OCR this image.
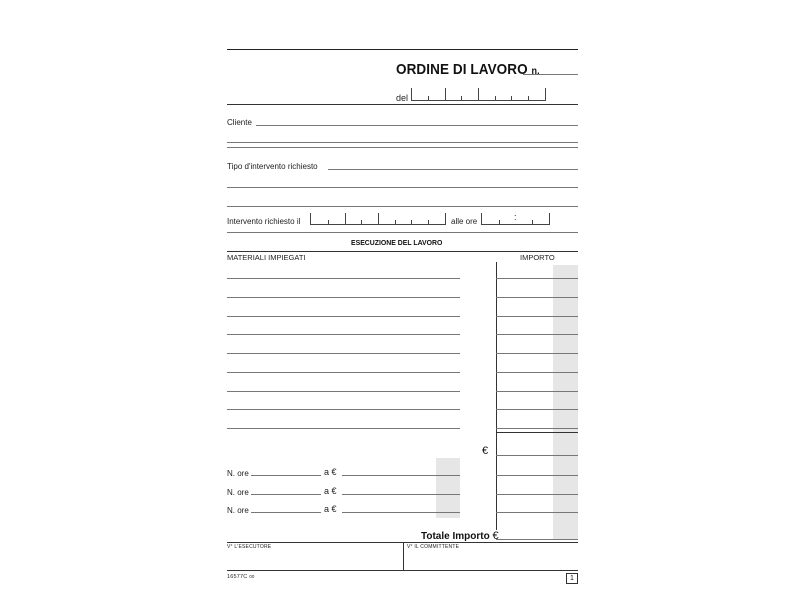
ORDINE DI LAVORO n.
del
Cliente
Tipo d'intervento richiesto
Intervento richiesto il	alle ore	:
ESECUZIONE DEL LAVORO
MATERIALI IMPIEGATI	IMPORTO
€
N. ore	a €
N. ore	a €
N. ore	a €
Totale Importo €
V° L'ESECUTORE	V° IL COMMITTENTE
16577C 00	1
